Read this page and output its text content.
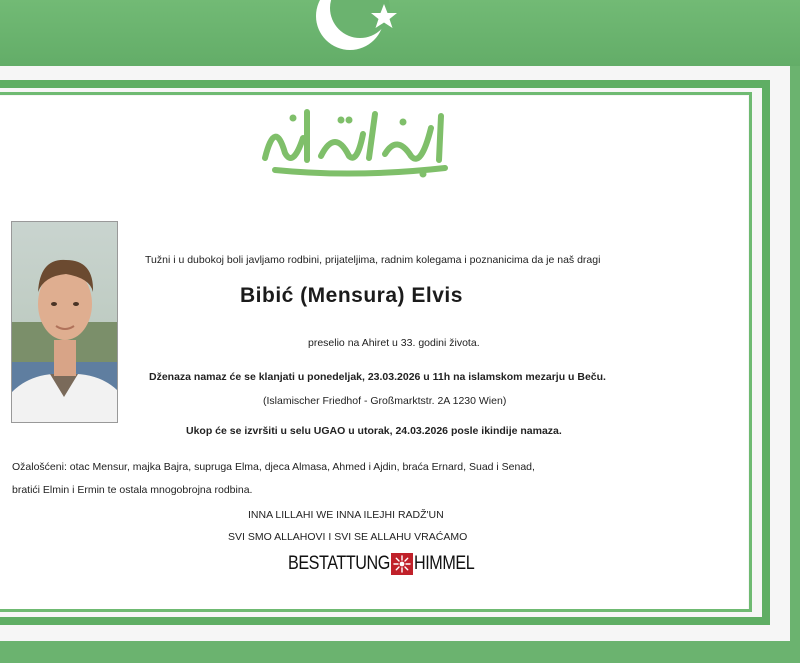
Tužni i u dubokoj boli javljamo rodbini, prijateljima, radnim kolegama i poznanicima da je naš dragi
Bibić (Mensura) Elvis
preselio na Ahiret u 33. godini života.
Dženaza namaz će se klanjati u ponedeljak, 23.03.2026 u 11h na islamskom mezarju u Beču.
(Islamischer Friedhof - Großmarktstr. 2A 1230 Wien)
Ukop će se izvršiti u selu UGAO u utorak, 24.03.2026 posle ikindije namaza.
Ožalošćeni: otac Mensur, majka Bajra, supruga Elma, djeca Almasa, Ahmed i Ajdin, braća Ernard, Suad i Senad,
bratići Elmin i Ermin te ostala mnogobrojna rodbina.
INNA LILLAHI WE INNA ILEJHI RADŽ'UN
SVI SMO ALLAHOVI I SVI SE ALLAHU VRAĆAMO
BESTATTUNG HIMMEL
